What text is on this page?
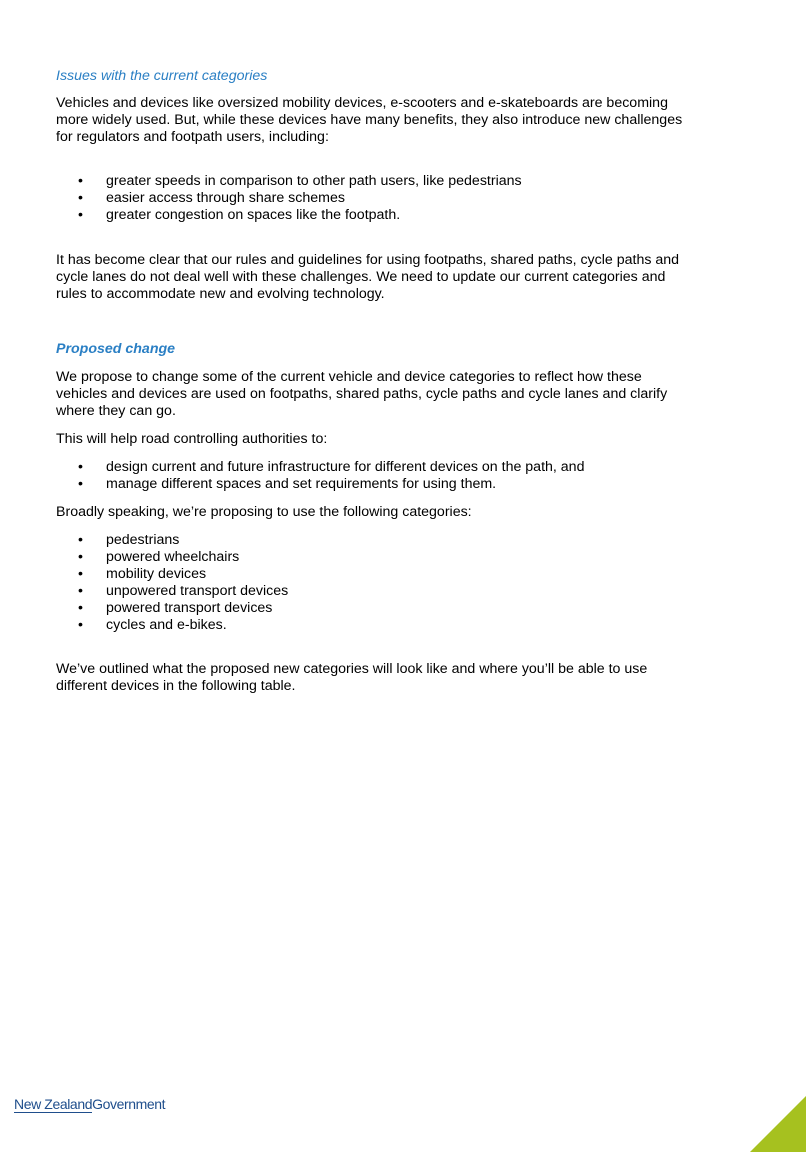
Issues with the current categories

Vehicles and devices like oversized mobility devices, e-scooters and e-skateboards are becoming more widely used. But, while these devices have many benefits, they also introduce new challenges for regulators and footpath users, including:

• greater speeds in comparison to other path users, like pedestrians
• easier access through share schemes
• greater congestion on spaces like the footpath.

It has become clear that our rules and guidelines for using footpaths, shared paths, cycle paths and cycle lanes do not deal well with these challenges. We need to update our current categories and rules to accommodate new and evolving technology.

Proposed change

We propose to change some of the current vehicle and device categories to reflect how these vehicles and devices are used on footpaths, shared paths, cycle paths and cycle lanes and clarify where they can go.

This will help road controlling authorities to:

• design current and future infrastructure for different devices on the path, and
• manage different spaces and set requirements for using them.

Broadly speaking, we’re proposing to use the following categories:

• pedestrians
• powered wheelchairs
• mobility devices
• unpowered transport devices
• powered transport devices
• cycles and e-bikes.

We’ve outlined what the proposed new categories will look like and where you’ll be able to use different devices in the following table.

New ZealandGovernment
